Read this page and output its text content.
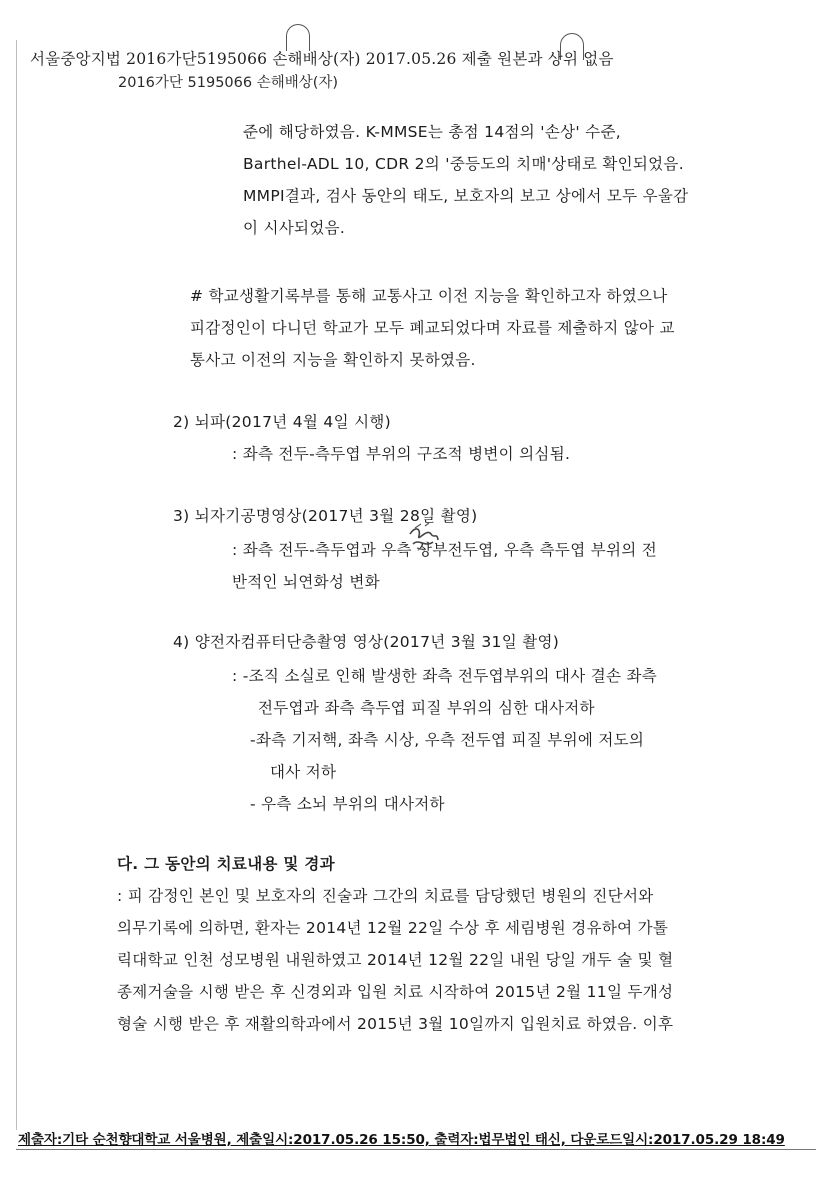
서울중앙지법 2016가단5195066 손해배상(자) 2017.05.26 제출 원본과 상위 없음
2016가단 5195066 손해배상(자)
준에 해당하였음. K-MMSE는 총점 14점의 '손상' 수준,
Barthel-ADL 10, CDR 2의 '중등도의 치매'상태로 확인되었음.
MMPI결과, 검사 동안의 태도, 보호자의 보고 상에서 모두 우울감
이 시사되었음.
# 학교생활기록부를 통해 교통사고 이전 지능을 확인하고자 하였으나
피감정인이 다니던 학교가 모두 폐교되었다며 자료를 제출하지 않아 교
통사고 이전의 지능을 확인하지 못하였음.
2) 뇌파(2017년 4월 4일 시행)
: 좌측 전두-측두엽 부위의 구조적 병변이 의심됨.
3) 뇌자기공명영상(2017년 3월 28일 촬영)
: 좌측 전두-측두엽과 우측 상부전두엽, 우측 측두엽 부위의 전
반적인 뇌연화성 변화
4) 양전자컴퓨터단층촬영 영상(2017년 3월 31일 촬영)
: -조직 소실로 인해 발생한 좌측 전두엽부위의 대사 결손 좌측
전두엽과 좌측 측두엽 피질 부위의 심한 대사저하
-좌측 기저핵, 좌측 시상, 우측 전두엽 피질 부위에 저도의
대사 저하
- 우측 소뇌 부위의 대사저하
다. 그 동안의 치료내용 및 경과
: 피 감정인 본인 및 보호자의 진술과 그간의 치료를 담당했던 병원의 진단서와
의무기록에 의하면, 환자는 2014년 12월 22일 수상 후 세림병원 경유하여 가톨
릭대학교 인천 성모병원 내원하였고 2014년 12월 22일 내원 당일 개두 술 및 혈
종제거술을 시행 받은 후 신경외과 입원 치료 시작하여 2015년 2월 11일 두개성
형술 시행 받은 후 재활의학과에서 2015년 3월 10일까지 입원치료 하였음. 이후
제출자:기타 순천향대학교 서울병원, 제출일시:2017.05.26 15:50, 출력자:법무법인 태신, 다운로드일시:2017.05.29 18:49
